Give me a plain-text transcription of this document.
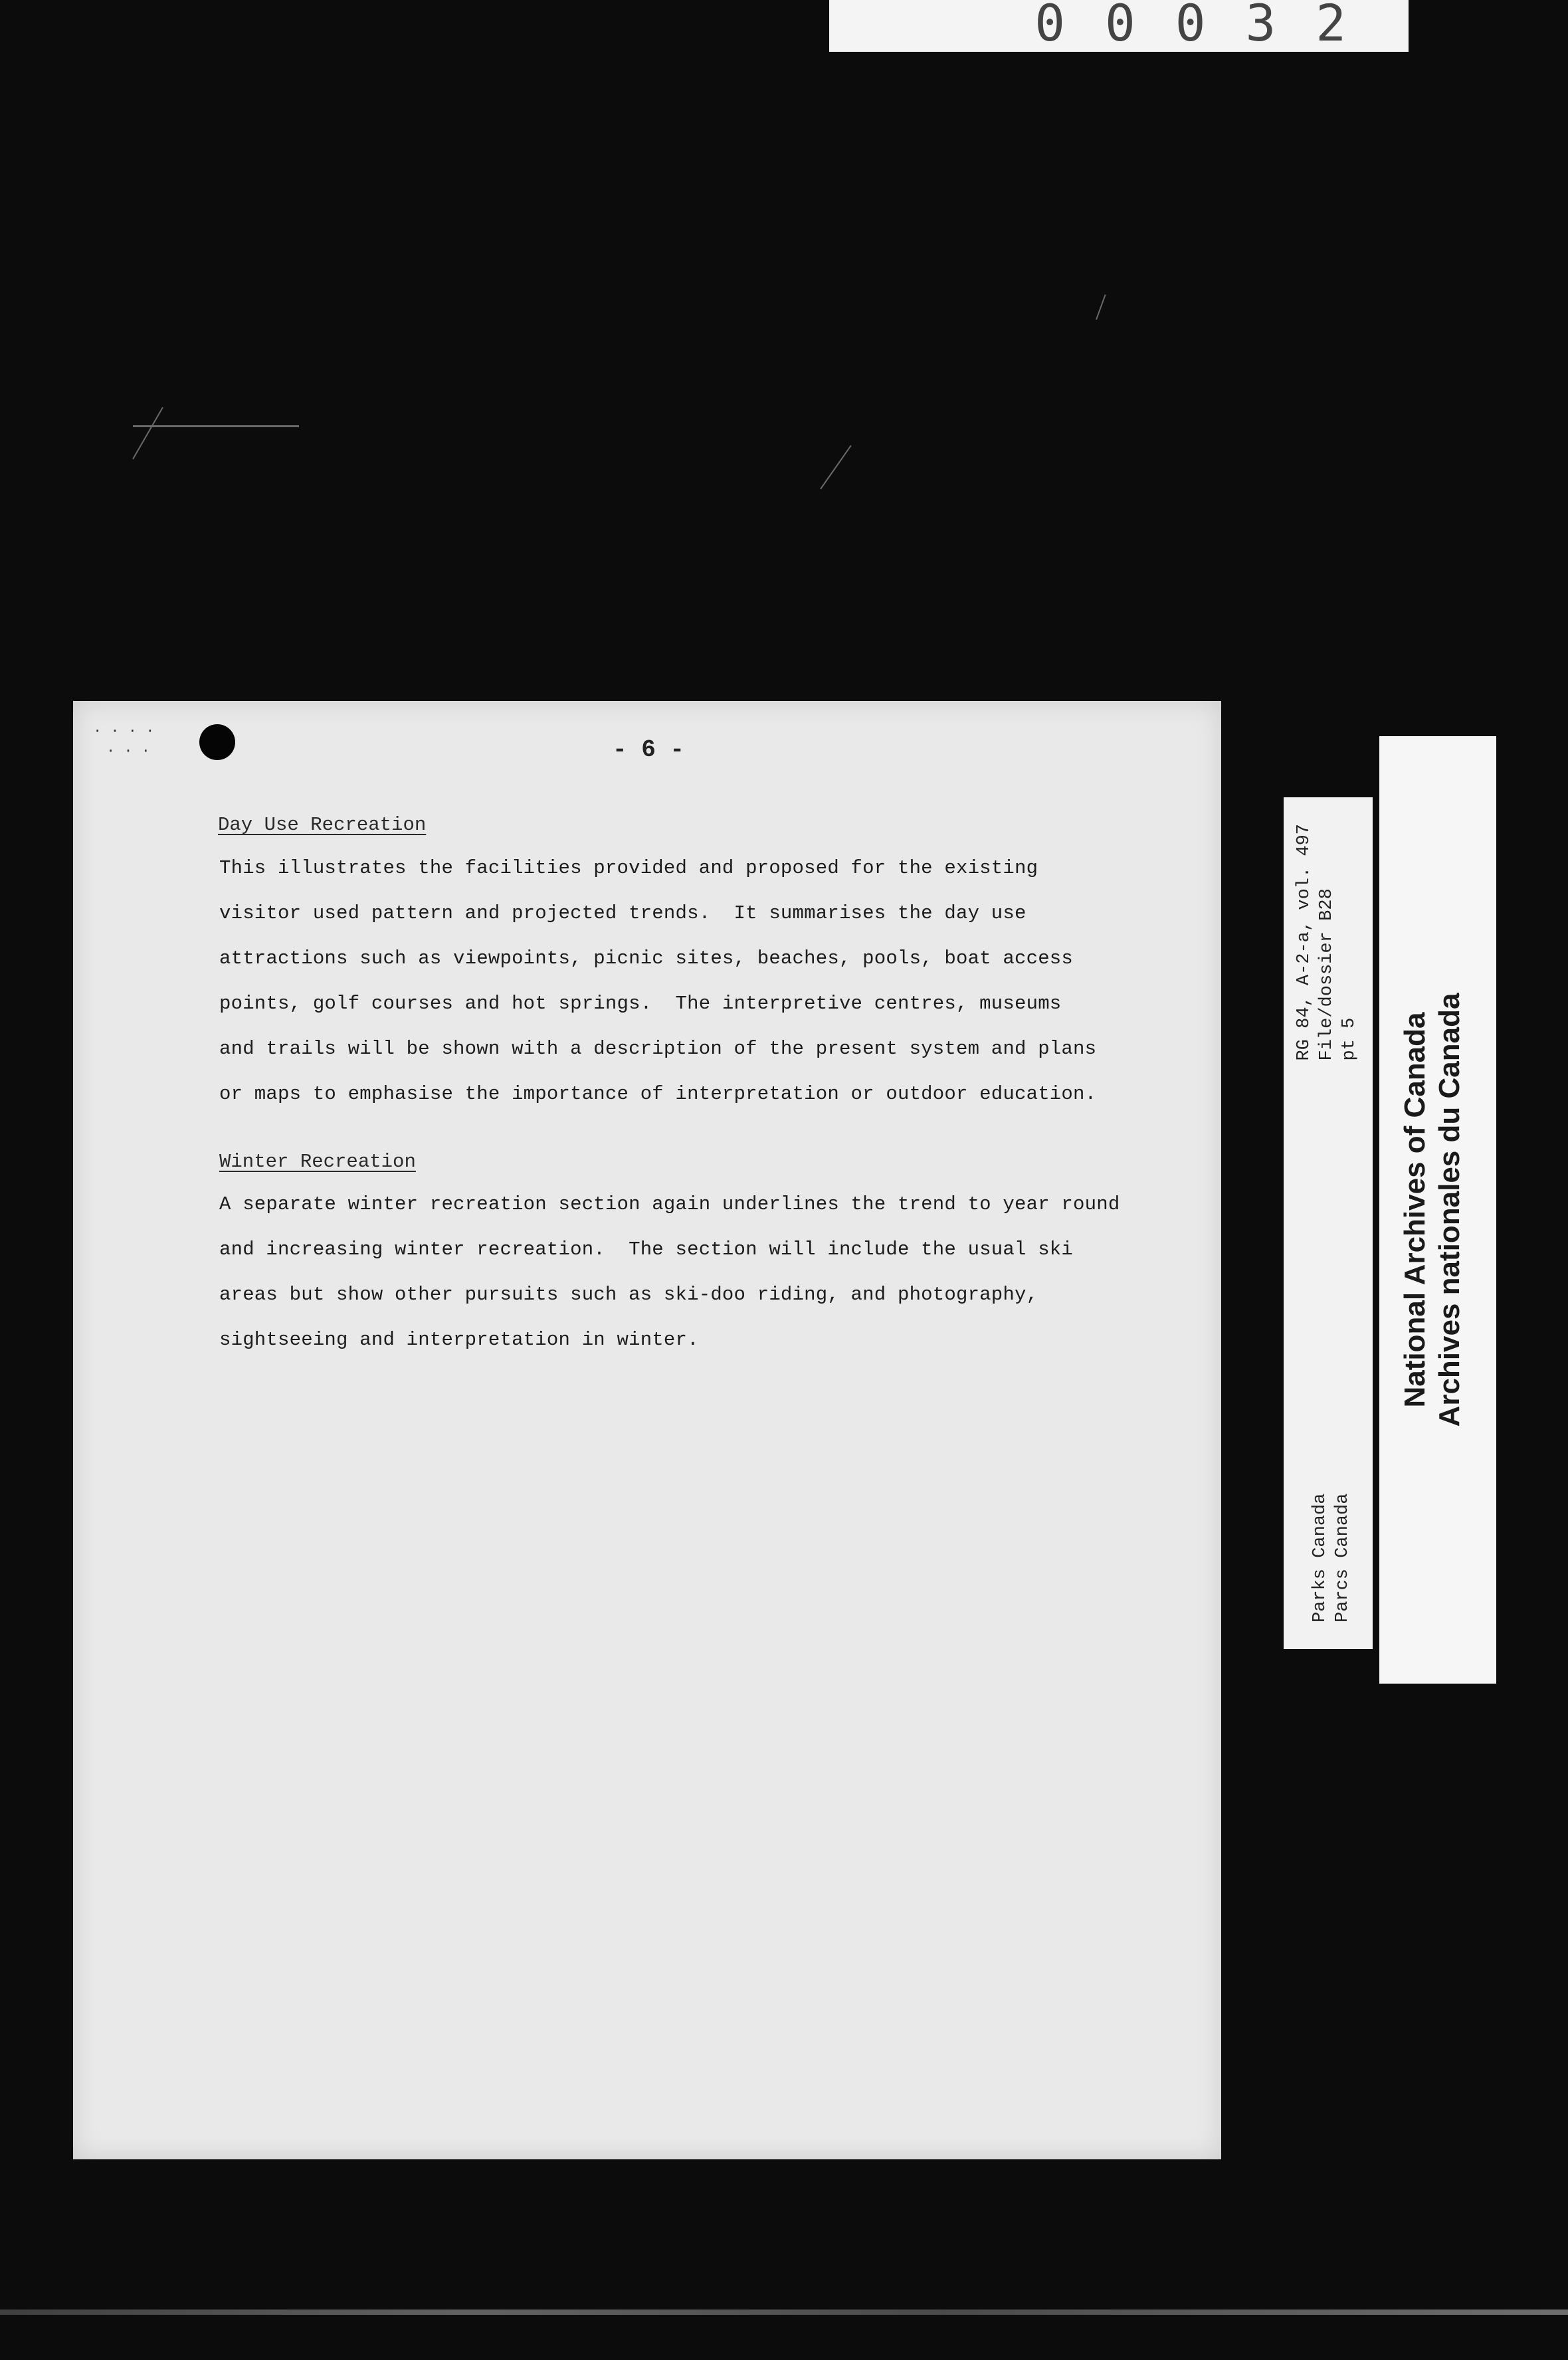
00032
· · · ·
· · ·	- 6 -
Day Use Recreation
This illustrates the facilities provided and proposed for the existing
visitor used pattern and projected trends.  It summarises the day use
attractions such as viewpoints, picnic sites, beaches, pools, boat access
points, golf courses and hot springs.  The interpretive centres, museums
and trails will be shown with a description of the present system and plans
or maps to emphasise the importance of interpretation or outdoor education.
Winter Recreation
A separate winter recreation section again underlines the trend to year round
and increasing winter recreation.  The section will include the usual ski
areas but show other pursuits such as ski-doo riding, and photography,
sightseeing and interpretation in winter.
Parks Canada Parcs Canada
RG 84, A-2-a, vol. 497 File/dossier B28 pt 5 National Archives of Canada Archives nationales du Canada
